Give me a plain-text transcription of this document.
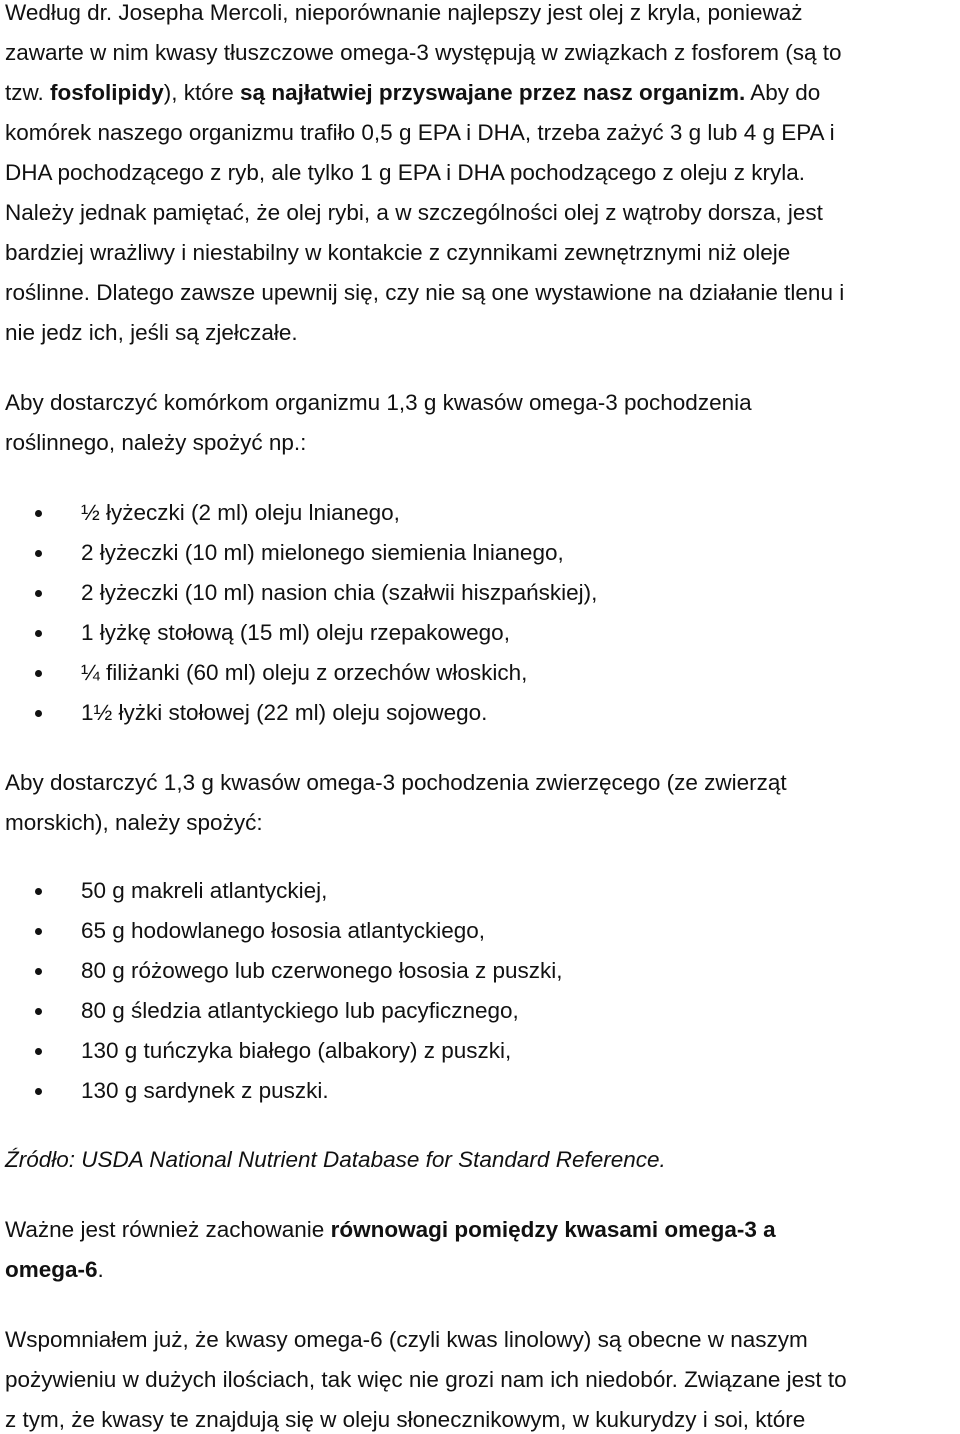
Według dr. Josepha Mercoli, nieporównanie najlepszy jest olej z kryla, ponieważ
zawarte w nim kwasy tłuszczowe omega-3 występują w związkach z fosforem (są to
tzw. fosfolipidy), które są najłatwiej przyswajane przez nasz organizm. Aby do
komórek naszego organizmu trafiło 0,5 g EPA i DHA, trzeba zażyć 3 g lub 4 g EPA i
DHA pochodzącego z ryb, ale tylko 1 g EPA i DHA pochodzącego z oleju z kryla.
Należy jednak pamiętać, że olej rybi, a w szczególności olej z wątroby dorsza, jest
bardziej wrażliwy i niestabilny w kontakcie z czynnikami zewnętrznymi niż oleje
roślinne. Dlatego zawsze upewnij się, czy nie są one wystawione na działanie tlenu i
nie jedz ich, jeśli są zjełczałe.
Aby dostarczyć komórkom organizmu 1,3 g kwasów omega-3 pochodzenia
roślinnego, należy spożyć np.:
½ łyżeczki (2 ml) oleju lnianego,
2 łyżeczki (10 ml) mielonego siemienia lnianego,
2 łyżeczki (10 ml) nasion chia (szałwii hiszpańskiej),
1 łyżkę stołową (15 ml) oleju rzepakowego,
¼ filiżanki (60 ml) oleju z orzechów włoskich,
1½ łyżki stołowej (22 ml) oleju sojowego.
Aby dostarczyć 1,3 g kwasów omega-3 pochodzenia zwierzęcego (ze zwierząt
morskich), należy spożyć:
50 g makreli atlantyckiej,
65 g hodowlanego łososia atlantyckiego,
80 g różowego lub czerwonego łososia z puszki,
80 g śledzia atlantyckiego lub pacyficznego,
130 g tuńczyka białego (albakory) z puszki,
130 g sardynek z puszki.
Źródło: USDA National Nutrient Database for Standard Reference.
Ważne jest również zachowanie równowagi pomiędzy kwasami omega-3 a
omega-6.
Wspomniałem już, że kwasy omega-6 (czyli kwas linolowy) są obecne w naszym
pożywieniu w dużych ilościach, tak więc nie grozi nam ich niedobór. Związane jest to
z tym, że kwasy te znajdują się w oleju słonecznikowym, w kukurydzy i soi, które
